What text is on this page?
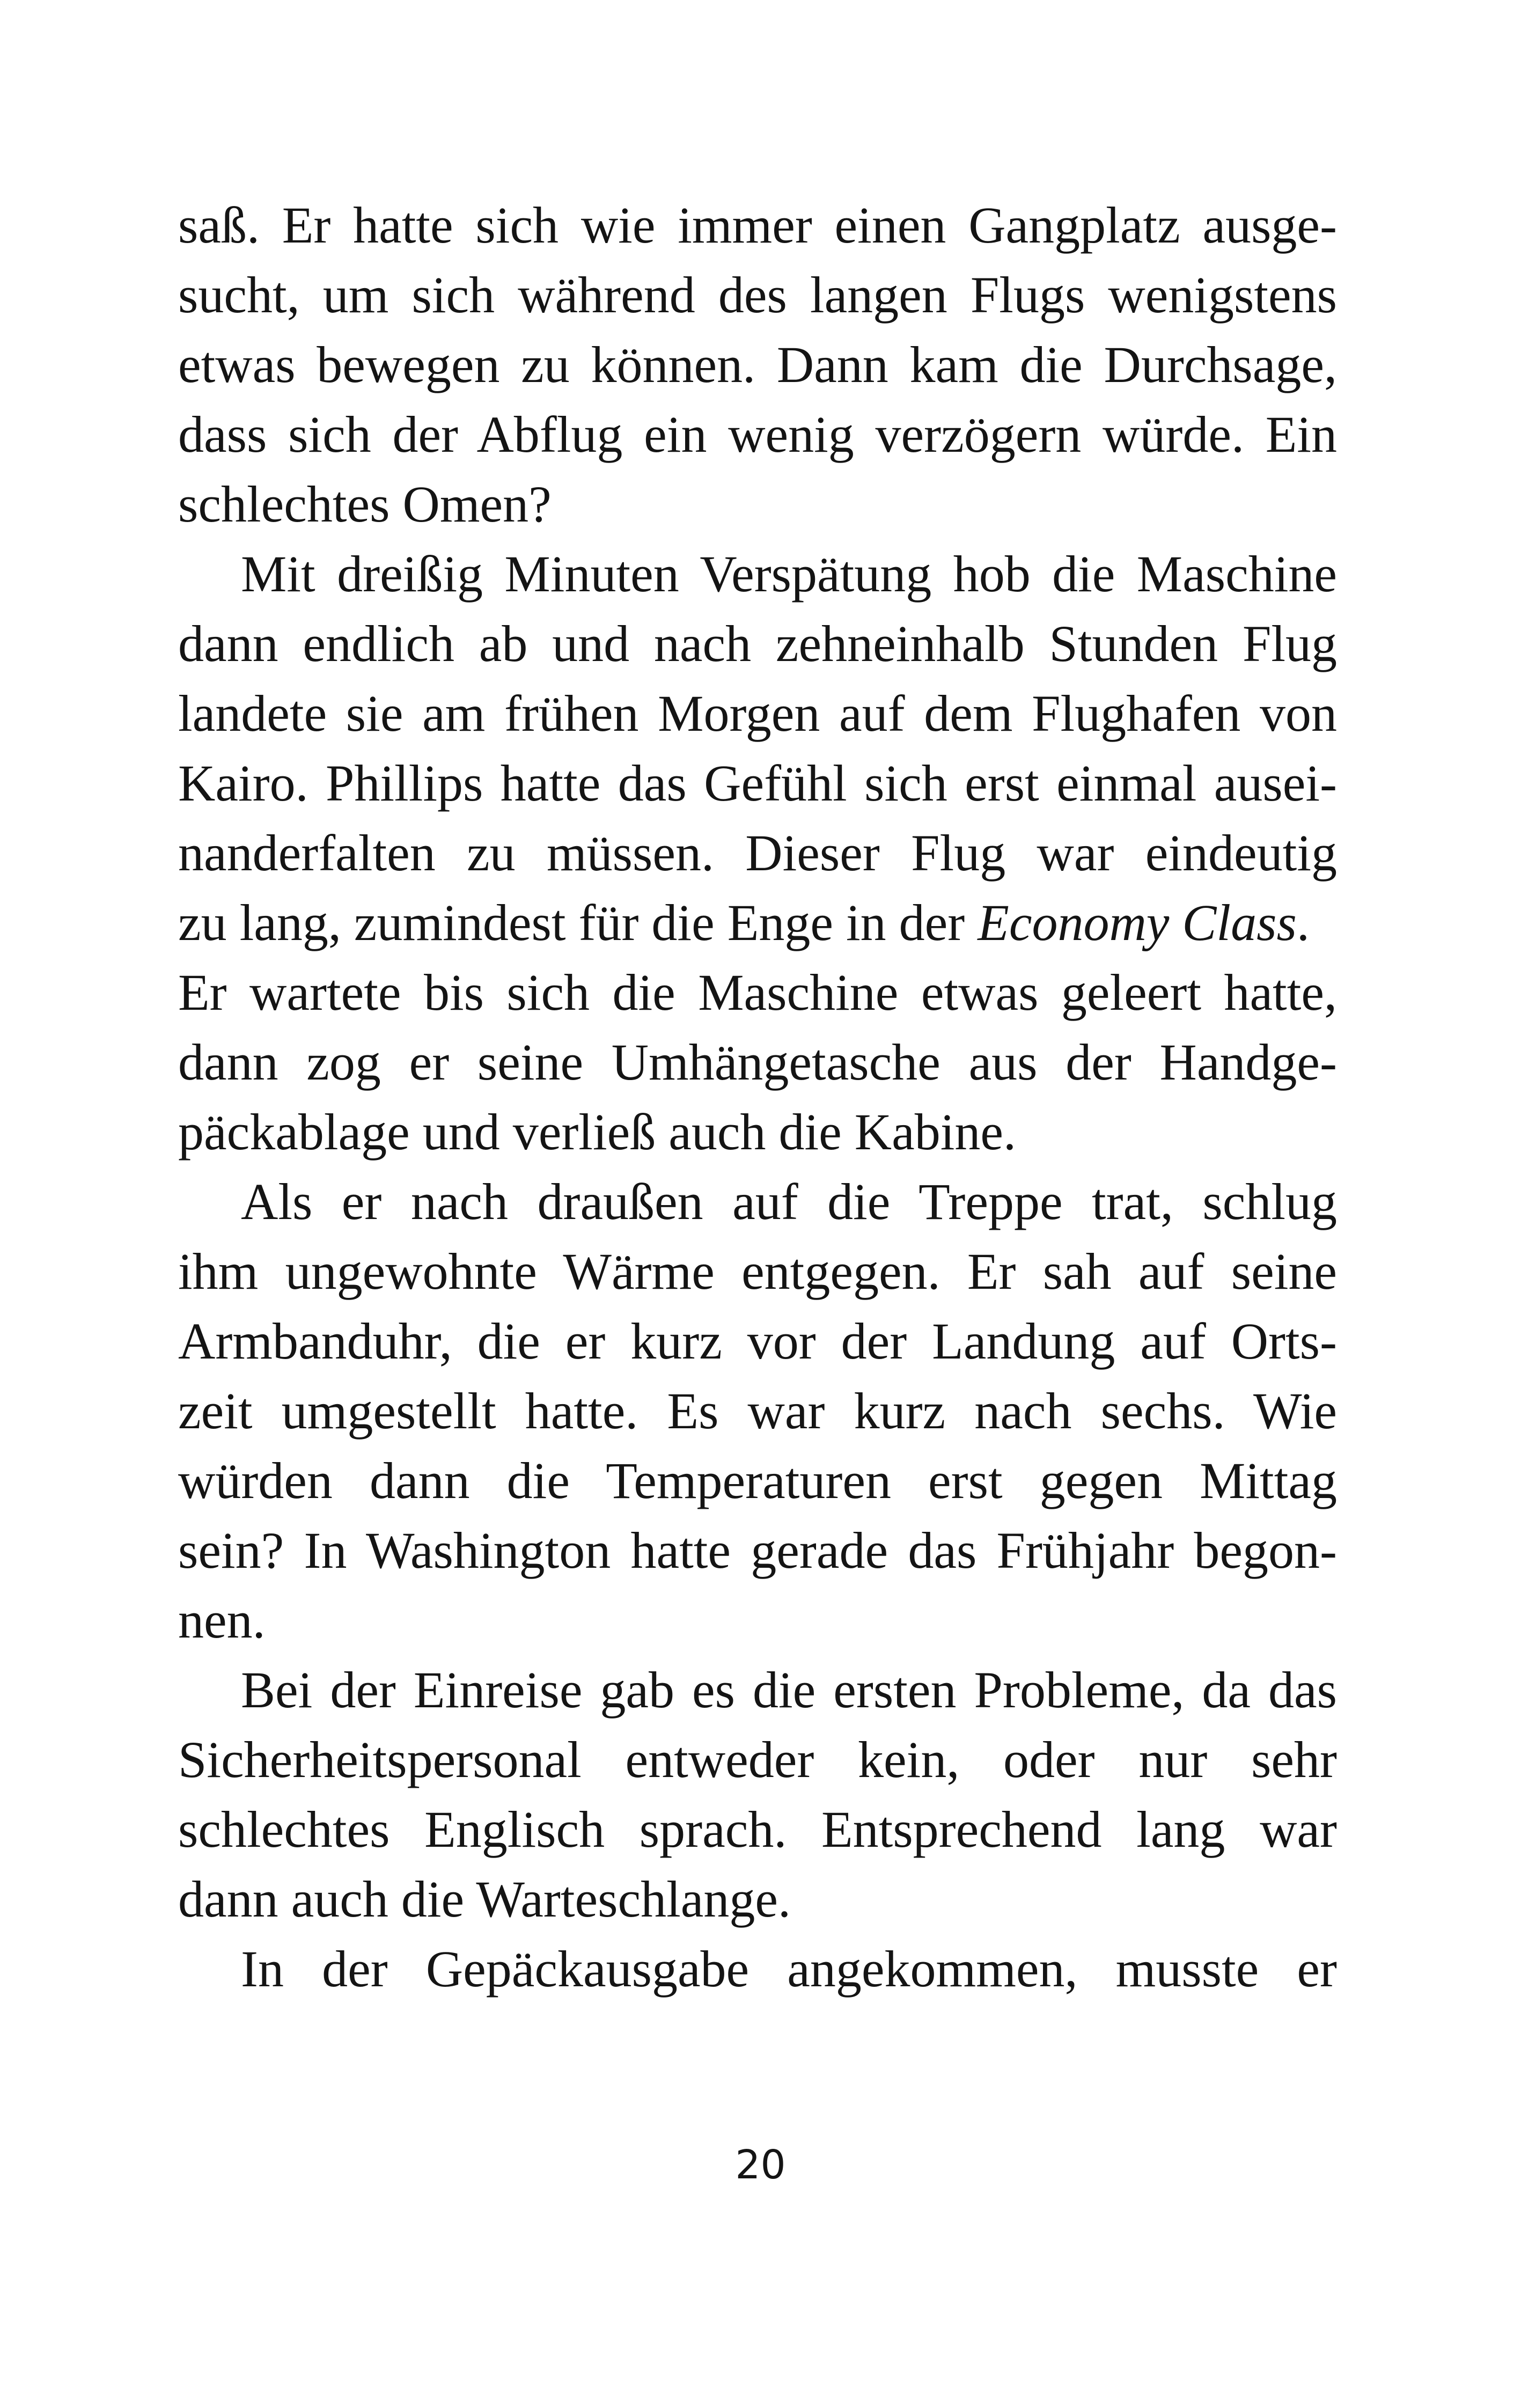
saß. Er hatte sich wie immer einen Gangplatz ausge-
sucht, um sich während des langen Flugs wenigstens
etwas bewegen zu können. Dann kam die Durchsage,
dass sich der Abflug ein wenig verzögern würde. Ein
schlechtes Omen?
Mit dreißig Minuten Verspätung hob die Maschine
dann endlich ab und nach zehneinhalb Stunden Flug
landete sie am frühen Morgen auf dem Flughafen von
Kairo. Phillips hatte das Gefühl sich erst einmal ausei-
nanderfalten zu müssen. Dieser Flug war eindeutig
zu lang, zumindest für die Enge in der Economy Class.
Er wartete bis sich die Maschine etwas geleert hatte,
dann zog er seine Umhängetasche aus der Handge-
päckablage und verließ auch die Kabine.
Als er nach draußen auf die Treppe trat, schlug
ihm ungewohnte Wärme entgegen. Er sah auf seine
Armbanduhr, die er kurz vor der Landung auf Orts-
zeit umgestellt hatte. Es war kurz nach sechs. Wie
würden dann die Temperaturen erst gegen Mittag
sein? In Washington hatte gerade das Frühjahr begon-
nen.
Bei der Einreise gab es die ersten Probleme, da das
Sicherheitspersonal entweder kein, oder nur sehr
schlechtes Englisch sprach. Entsprechend lang war
dann auch die Warteschlange.
In der Gepäckausgabe angekommen, musste er
20
